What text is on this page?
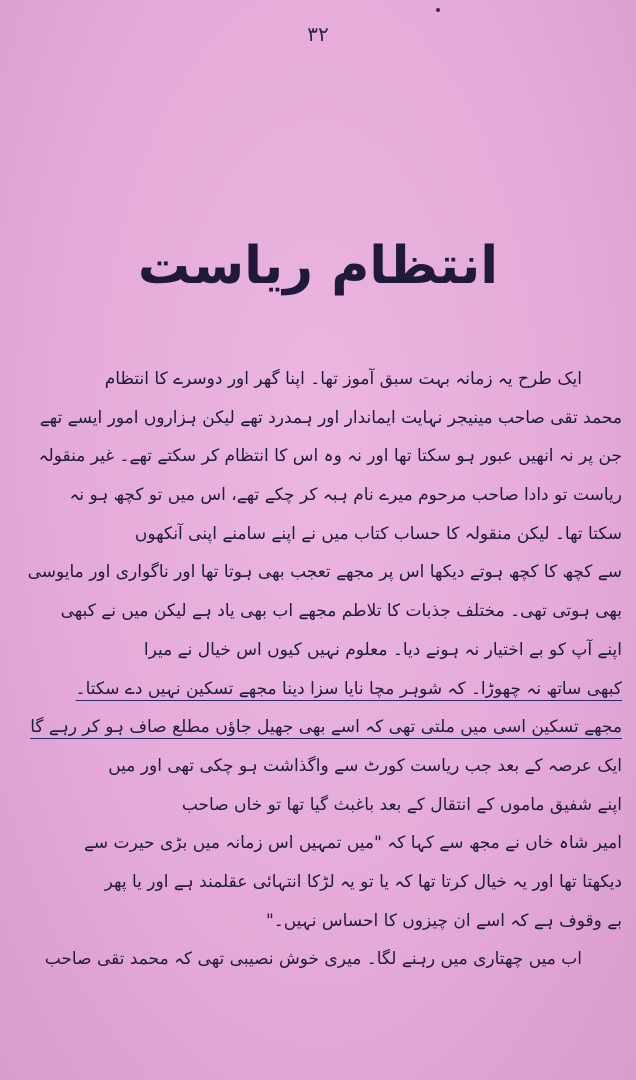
۳۲
انتظام ریاست
ایک طرح یہ زمانہ بہت سبق آموز تھا۔ اپنا گھر اور دوسرے کا انتظام
محمد تقی صاحب مینیجر نہایت ایماندار اور ہمدرد تھے لیکن ہزاروں امور ایسے تھے
جن پر نہ انھیں عبور ہو سکتا تھا اور نہ وہ اس کا انتظام کر سکتے تھے۔ غیر منقولہ
ریاست تو دادا صاحب مرحوم میرے نام ہبہ کر چکے تھے، اس میں تو کچھ ہو نہ
سکتا تھا۔ لیکن منقولہ کا حساب کتاب میں نے اپنے سامنے اپنی آنکھوں
سے کچھ کا کچھ ہوتے دیکھا اس پر مجھے تعجب بھی ہوتا تھا اور ناگواری اور مایوسی
بھی ہوتی تھی۔ مختلف جذبات کا تلاطم مجھے اب بھی یاد ہے لیکن میں نے کبھی
اپنے آپ کو بے اختیار نہ ہونے دیا۔ معلوم نہیں کیوں اس خیال نے میرا
کبھی ساتھ نہ چھوڑا۔ کہ شوہر مچا نایا سزا دینا مجھے تسکین نہیں دے سکتا۔
مجھے تسکین اسی میں ملتی تھی کہ اسے بھی جھیل جاؤں مطلع صاف ہو کر رہے گا
ایک عرصہ کے بعد جب ریاست کورٹ سے واگذاشت ہو چکی تھی اور میں
اپنے شفیق ماموں کے انتقال کے بعد باغبث گیا تھا تو خاں صاحب
امیر شاہ خاں نے مجھ سے کہا کہ "میں تمہیں اس زمانہ میں بڑی حیرت سے
دیکھتا تھا اور یہ خیال کرتا تھا کہ یا تو یہ لڑکا انتہائی عقلمند ہے اور یا پھر
بے وقوف ہے کہ اسے ان چیزوں کا احساس نہیں۔"
اب میں چھتاری میں رہنے لگا۔ میری خوش نصیبی تھی کہ محمد تقی صاحب
